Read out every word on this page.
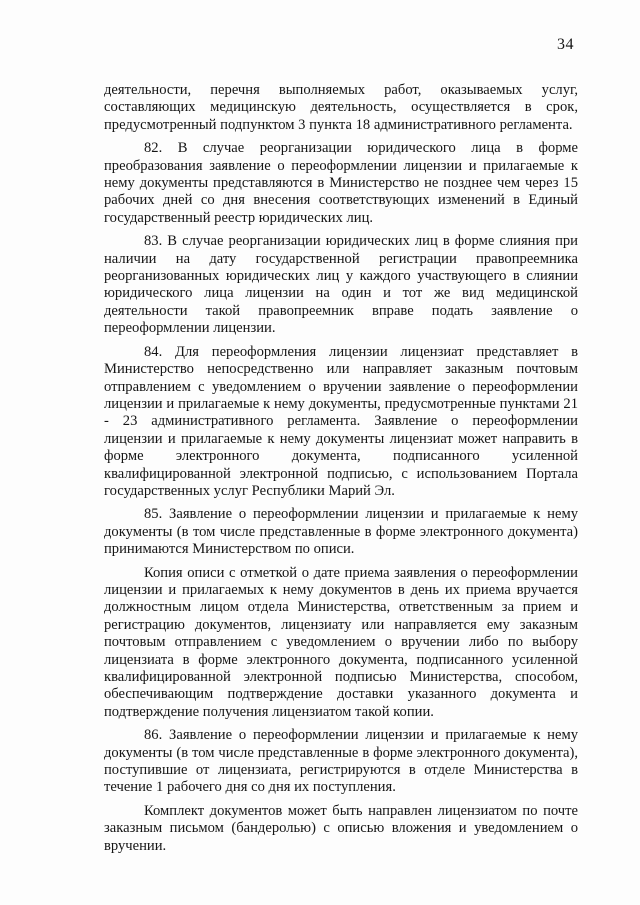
34

деятельности, перечня выполняемых работ, оказываемых услуг, составляющих медицинскую деятельность, осуществляется в срок, предусмотренный подпунктом 3 пункта 18 административного регламента.

82. В случае реорганизации юридического лица в форме преобразования заявление о переоформлении лицензии и прилагаемые к нему документы представляются в Министерство не позднее чем через 15 рабочих дней со дня внесения соответствующих изменений в Единый государственный реестр юридических лиц.

83. В случае реорганизации юридических лиц в форме слияния при наличии на дату государственной регистрации правопреемника реорганизованных юридических лиц у каждого участвующего в слиянии юридического лица лицензии на один и тот же вид медицинской деятельности такой правопреемник вправе подать заявление о переоформлении лицензии.

84. Для переоформления лицензии лицензиат представляет в Министерство непосредственно или направляет заказным почтовым отправлением с уведомлением о вручении заявление о переоформлении лицензии и прилагаемые к нему документы, предусмотренные пунктами 21 - 23 административного регламента. Заявление о переоформлении лицензии и прилагаемые к нему документы лицензиат может направить в форме электронного документа, подписанного усиленной квалифицированной электронной подписью, с использованием Портала государственных услуг Республики Марий Эл.

85. Заявление о переоформлении лицензии и прилагаемые к нему документы (в том числе представленные в форме электронного документа) принимаются Министерством по описи.

Копия описи с отметкой о дате приема заявления о переоформлении лицензии и прилагаемых к нему документов в день их приема вручается должностным лицом отдела Министерства, ответственным за прием и регистрацию документов, лицензиату или направляется ему заказным почтовым отправлением с уведомлением о вручении либо по выбору лицензиата в форме электронного документа, подписанного усиленной квалифицированной электронной подписью Министерства, способом, обеспечивающим подтверждение доставки указанного документа и подтверждение получения лицензиатом такой копии.

86. Заявление о переоформлении лицензии и прилагаемые к нему документы (в том числе представленные в форме электронного документа), поступившие от лицензиата, регистрируются в отделе Министерства в течение 1 рабочего дня со дня их поступления.

Комплект документов может быть направлен лицензиатом по почте заказным письмом (бандеролью) с описью вложения и уведомлением о вручении.
